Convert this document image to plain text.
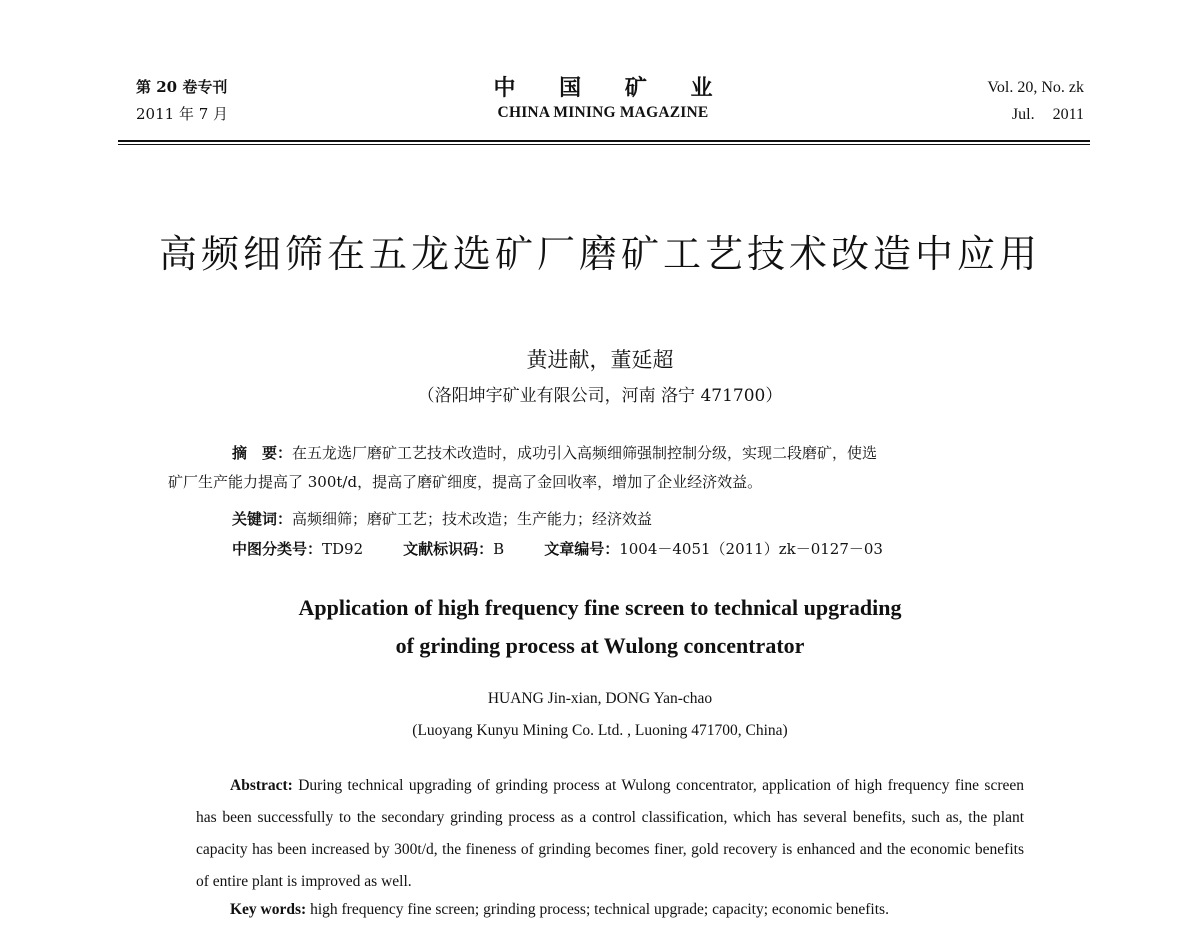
第 20 卷专刊
2011 年 7 月
中 国 矿 业
CHINA MINING MAGAZINE
Vol. 20, No. zk
Jul. 2011
高频细筛在五龙选矿厂磨矿工艺技术改造中应用
黄进献，董延超
（洛阳坤宇矿业有限公司，河南 洛宁 471700）
摘　要：在五龙选厂磨矿工艺技术改造时，成功引入高频细筛强制控制分级，实现二段磨矿，使选
矿厂生产能力提高了 300t/d，提高了磨矿细度，提高了金回收率，增加了企业经济效益。
关键词：高频细筛；磨矿工艺；技术改造；生产能力；经济效益
中图分类号：TD92	文献标识码：B	文章编号：1004－4051（2011）zk－0127－03
Application of high frequency fine screen to technical upgrading
of grinding process at Wulong concentrator
HUANG Jin-xian, DONG Yan-chao
(Luoyang Kunyu Mining Co. Ltd. , Luoning 471700, China)
Abstract: During technical upgrading of grinding process at Wulong concentrator, application of high frequency fine screen has been successfully to the secondary grinding process as a control classification, which has several benefits, such as, the plant capacity has been increased by 300t/d, the fineness of grinding becomes finer, gold recovery is enhanced and the economic benefits of entire plant is improved as well.
Key words: high frequency fine screen; grinding process; technical upgrade; capacity; economic benefits.
